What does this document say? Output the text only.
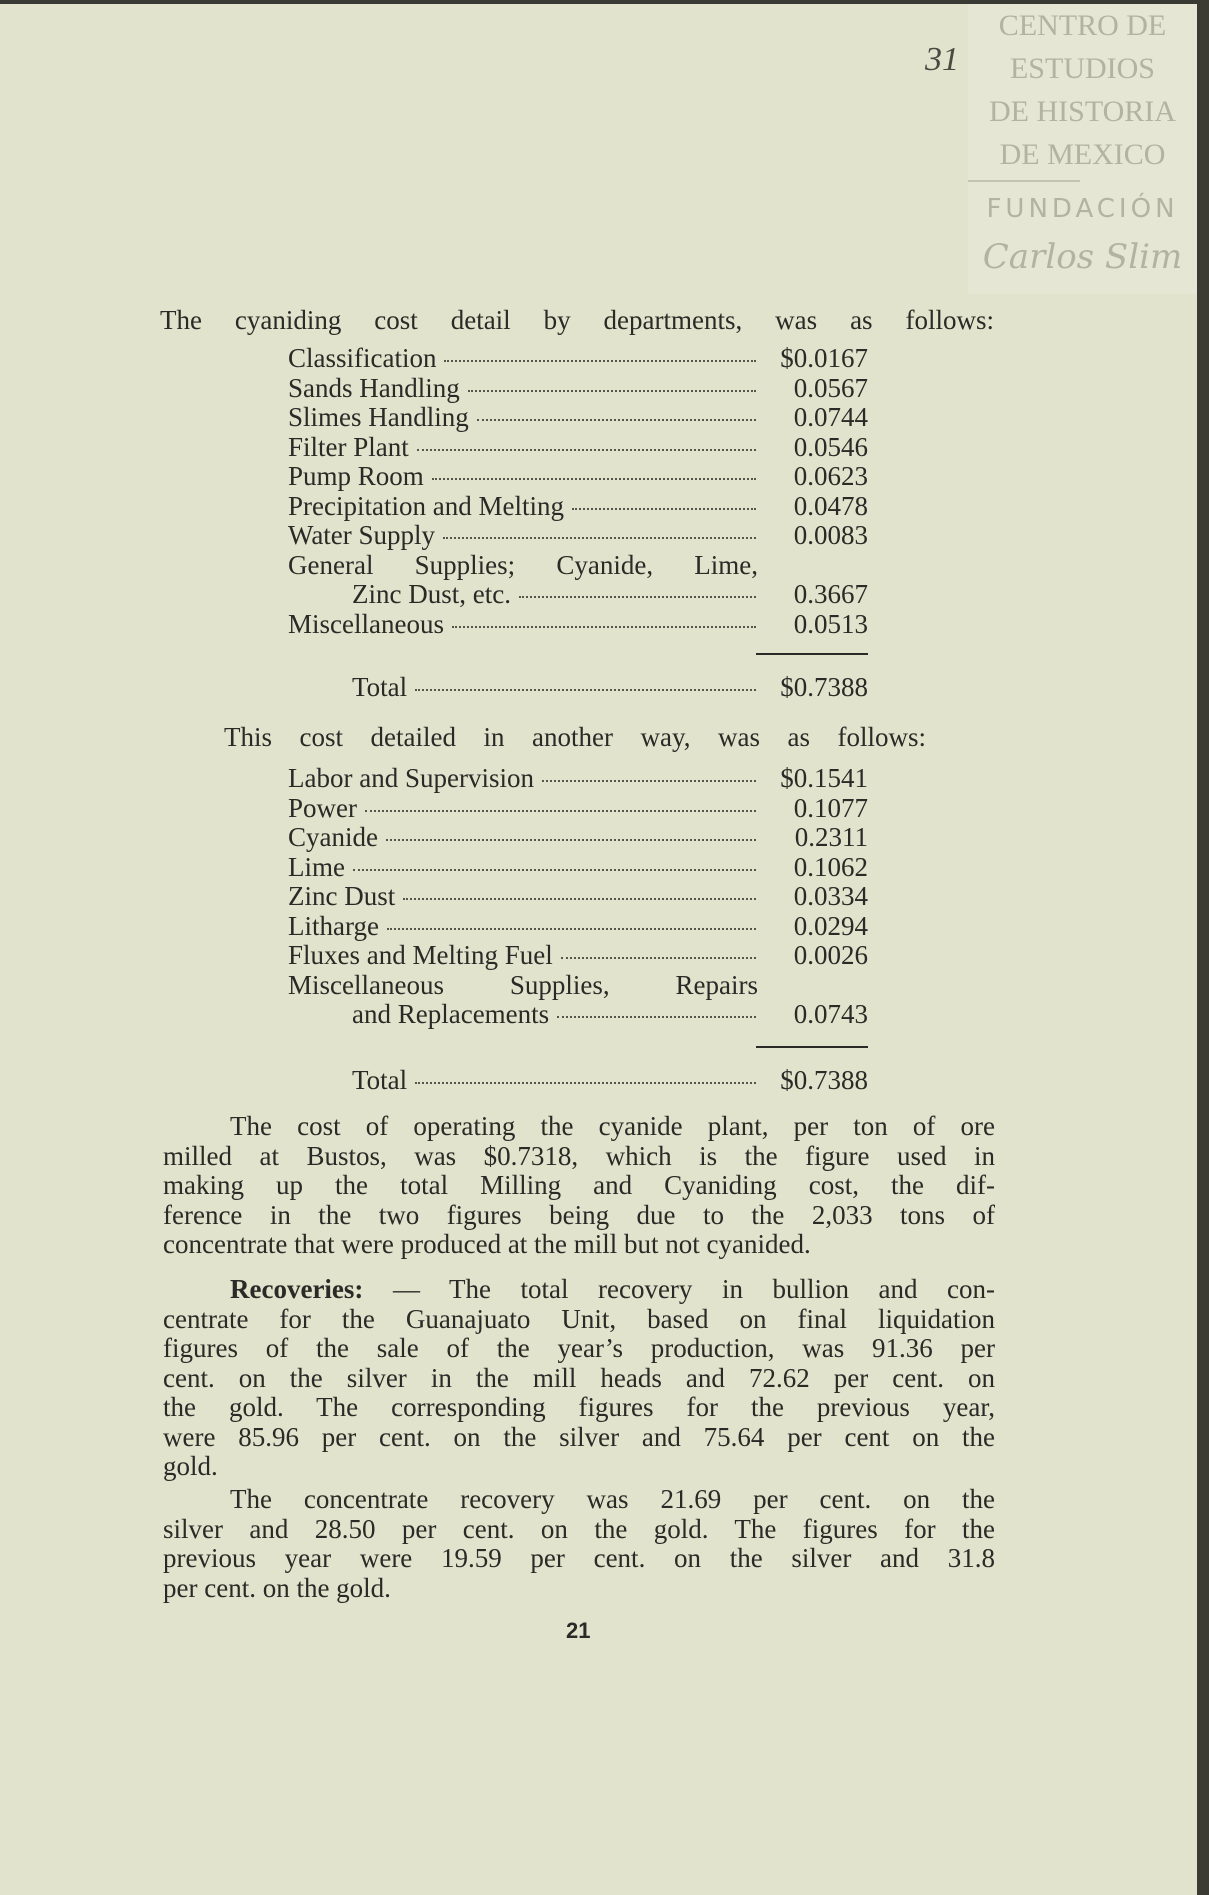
CENTRO DE
ESTUDIOS
DE HISTORIA
DE MEXICO
FUNDACIÓN
Carlos Slim
31
The cyaniding cost detail by departments, was as follows:
Classification	$0.0167
Sands Handling	0.0567
Slimes Handling	0.0744
Filter Plant	0.0546
Pump Room	0.0623
Precipitation and Melting	0.0478
Water Supply	0.0083
General Supplies; Cyanide, Lime,
Zinc Dust, etc.	0.3667
Miscellaneous	0.0513
Total	$0.7388
This cost detailed in another way, was as follows:
Labor and Supervision	$0.1541
Power	0.1077
Cyanide	0.2311
Lime	0.1062
Zinc Dust	0.0334
Litharge	0.0294
Fluxes and Melting Fuel	0.0026
Miscellaneous Supplies, Repairs
and Replacements	0.0743
Total	$0.7388
The cost of operating the cyanide plant, per ton of ore
milled at Bustos, was $0.7318, which is the figure used in
making up the total Milling and Cyaniding cost, the dif-
ference in the two figures being due to the 2,033 tons of
concentrate that were produced at the mill but not cyanided.
Recoveries: — The total recovery in bullion and con-
centrate for the Guanajuato Unit, based on final liquidation
figures of the sale of the year’s production, was 91.36 per
cent. on the silver in the mill heads and 72.62 per cent. on
the gold. The corresponding figures for the previous year,
were 85.96 per cent. on the silver and 75.64 per cent on the
gold.
The concentrate recovery was 21.69 per cent. on the
silver and 28.50 per cent. on the gold. The figures for the
previous year were 19.59 per cent. on the silver and 31.8
per cent. on the gold.
21
